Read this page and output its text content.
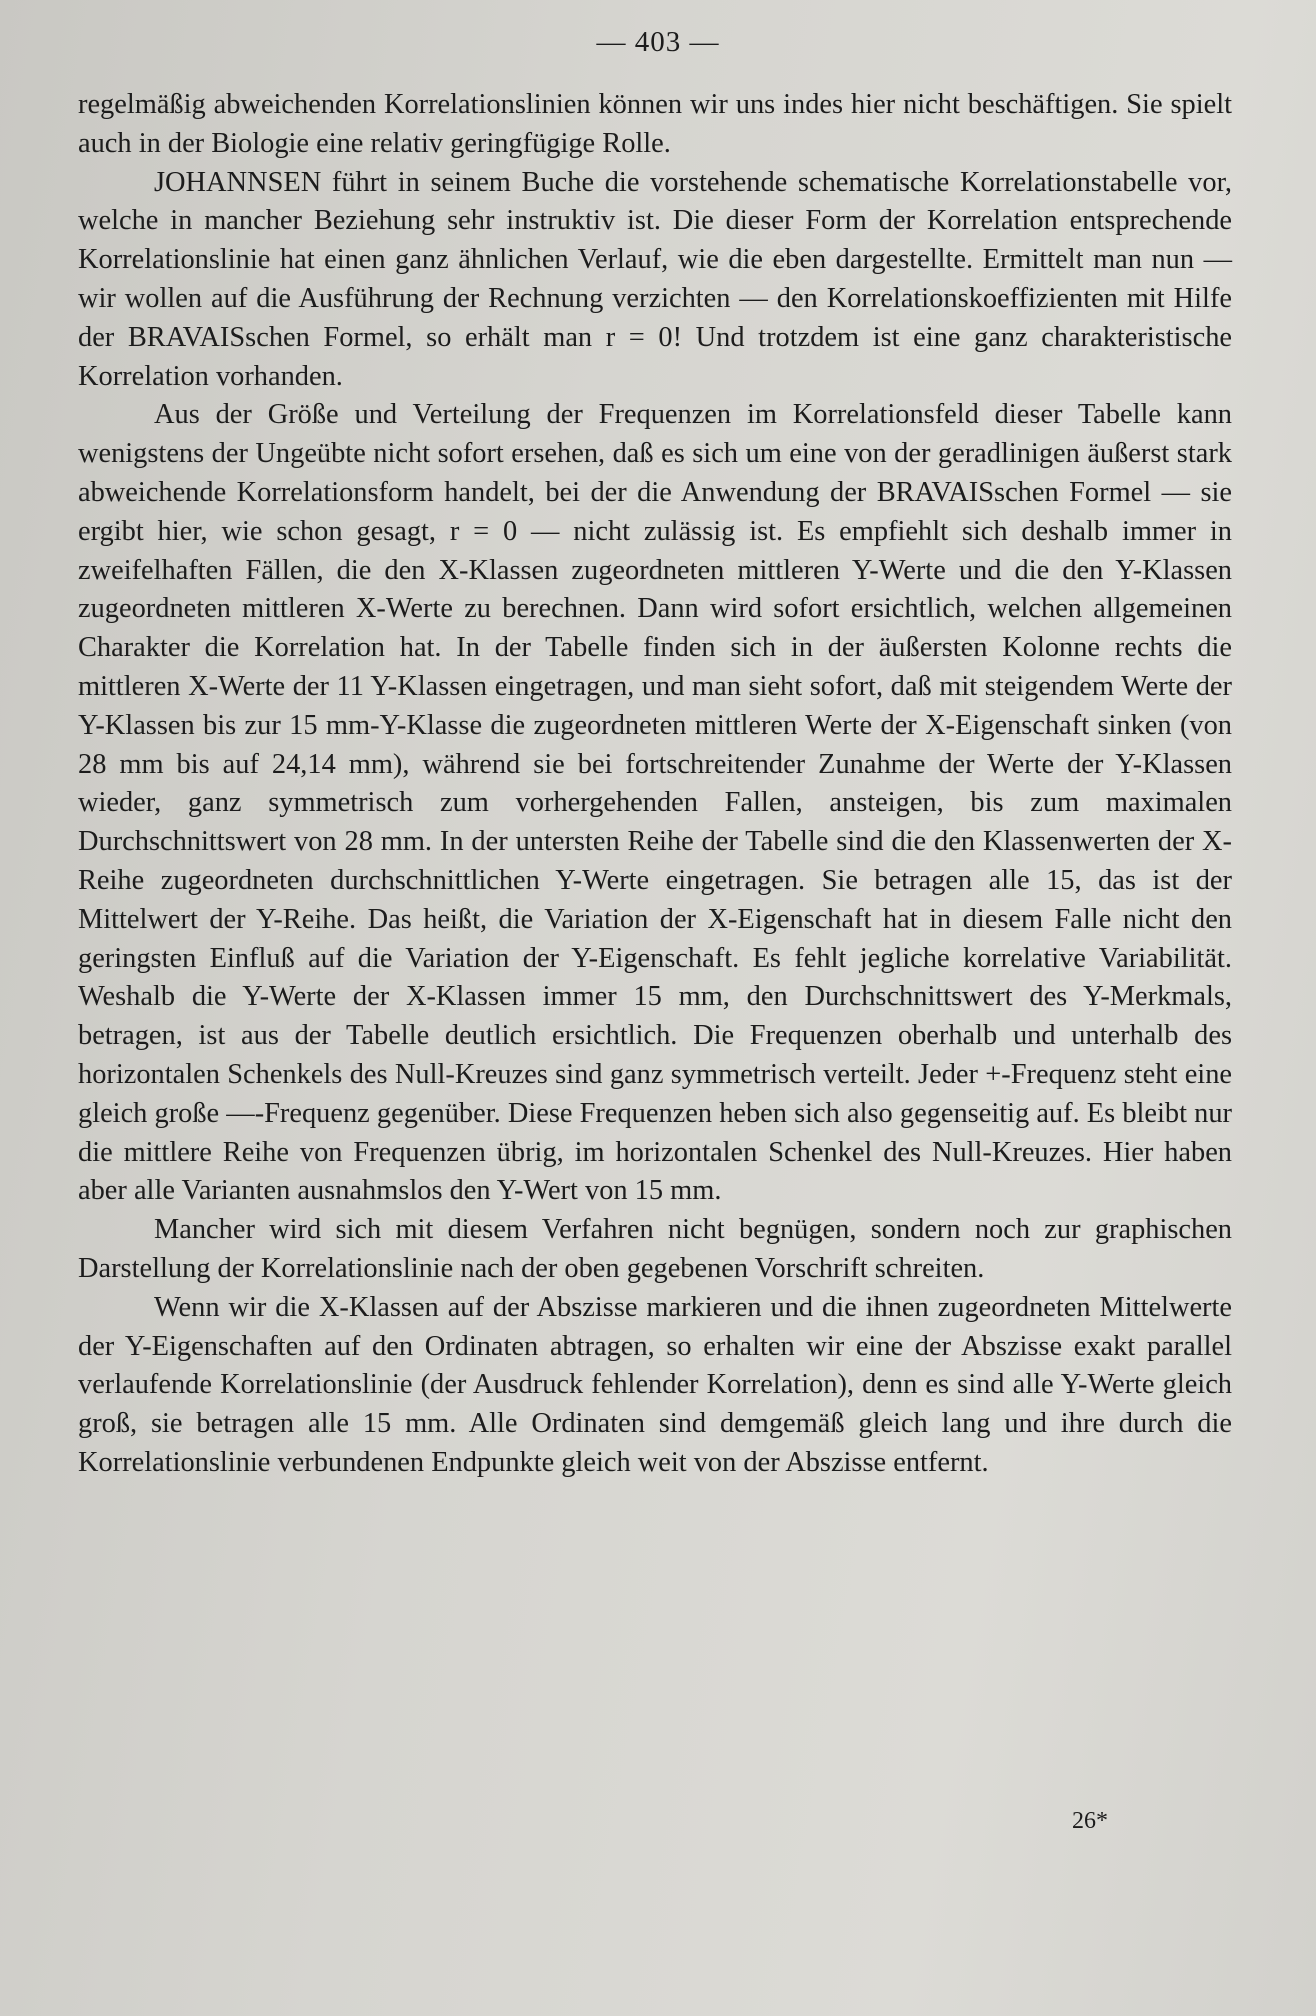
— 403 —

regelmäßig abweichenden Korrelationslinien können wir uns indes hier nicht beschäftigen. Sie spielt auch in der Biologie eine relativ geringfügige Rolle.

JOHANNSEN führt in seinem Buche die vorstehende schematische Korrelationstabelle vor, welche in mancher Beziehung sehr instruktiv ist. Die dieser Form der Korrelation entsprechende Korrelationslinie hat einen ganz ähnlichen Verlauf, wie die eben dargestellte. Ermittelt man nun — wir wollen auf die Ausführung der Rechnung verzichten — den Korrelationskoeffizienten mit Hilfe der BRAVAISschen Formel, so erhält man r = 0! Und trotzdem ist eine ganz charakteristische Korrelation vorhanden.

Aus der Größe und Verteilung der Frequenzen im Korrelationsfeld dieser Tabelle kann wenigstens der Ungeübte nicht sofort ersehen, daß es sich um eine von der geradlinigen äußerst stark abweichende Korrelationsform handelt, bei der die Anwendung der BRAVAISschen Formel — sie ergibt hier, wie schon gesagt, r = 0 — nicht zulässig ist. Es empfiehlt sich deshalb immer in zweifelhaften Fällen, die den X-Klassen zugeordneten mittleren Y-Werte und die den Y-Klassen zugeordneten mittleren X-Werte zu berechnen. Dann wird sofort ersichtlich, welchen allgemeinen Charakter die Korrelation hat. In der Tabelle finden sich in der äußersten Kolonne rechts die mittleren X-Werte der 11 Y-Klassen eingetragen, und man sieht sofort, daß mit steigendem Werte der Y-Klassen bis zur 15 mm-Y-Klasse die zugeordneten mittleren Werte der X-Eigenschaft sinken (von 28 mm bis auf 24,14 mm), während sie bei fortschreitender Zunahme der Werte der Y-Klassen wieder, ganz symmetrisch zum vorhergehenden Fallen, ansteigen, bis zum maximalen Durchschnittswert von 28 mm. In der untersten Reihe der Tabelle sind die den Klassenwerten der X-Reihe zugeordneten durchschnittlichen Y-Werte eingetragen. Sie betragen alle 15, das ist der Mittelwert der Y-Reihe. Das heißt, die Variation der X-Eigenschaft hat in diesem Falle nicht den geringsten Einfluß auf die Variation der Y-Eigenschaft. Es fehlt jegliche korrelative Variabilität. Weshalb die Y-Werte der X-Klassen immer 15 mm, den Durchschnittswert des Y-Merkmals, betragen, ist aus der Tabelle deutlich ersichtlich. Die Frequenzen oberhalb und unterhalb des horizontalen Schenkels des Null-Kreuzes sind ganz symmetrisch verteilt. Jeder +-Frequenz steht eine gleich große —-Frequenz gegenüber. Diese Frequenzen heben sich also gegenseitig auf. Es bleibt nur die mittlere Reihe von Frequenzen übrig, im horizontalen Schenkel des Null-Kreuzes. Hier haben aber alle Varianten ausnahmslos den Y-Wert von 15 mm.

Mancher wird sich mit diesem Verfahren nicht begnügen, sondern noch zur graphischen Darstellung der Korrelationslinie nach der oben gegebenen Vorschrift schreiten.

Wenn wir die X-Klassen auf der Abszisse markieren und die ihnen zugeordneten Mittelwerte der Y-Eigenschaften auf den Ordinaten abtragen, so erhalten wir eine der Abszisse exakt parallel verlaufende Korrelationslinie (der Ausdruck fehlender Korrelation), denn es sind alle Y-Werte gleich groß, sie betragen alle 15 mm. Alle Ordinaten sind demgemäß gleich lang und ihre durch die Korrelationslinie verbundenen Endpunkte gleich weit von der Abszisse entfernt.

26*
